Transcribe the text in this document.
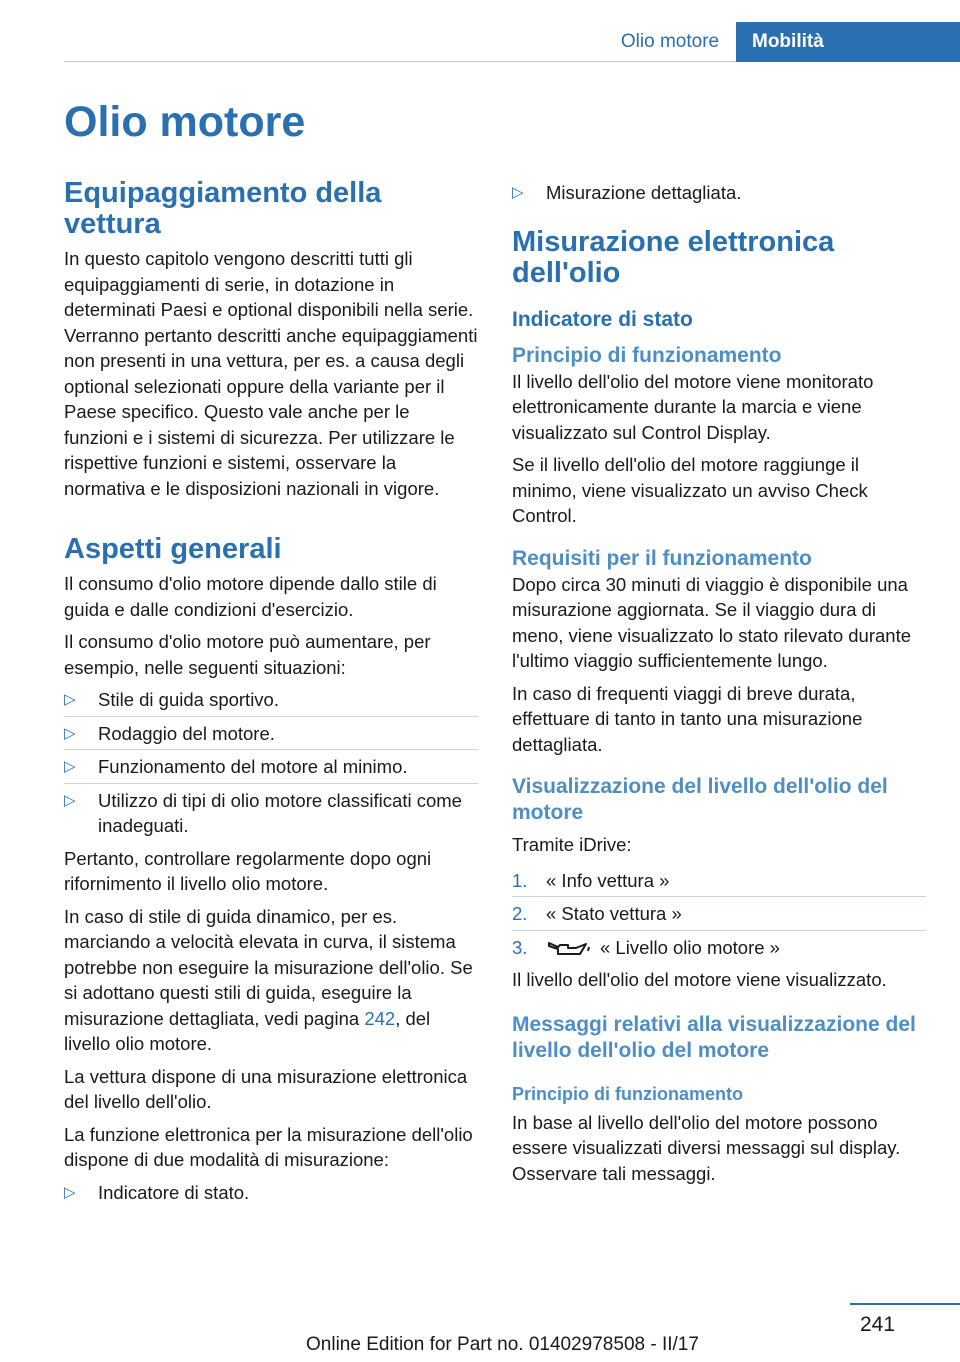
Olio motore	Mobilità
Olio motore
Equipaggiamento della vettura

In questo capitolo vengono descritti tutti gli equipaggiamenti di serie, in dotazione in determinati Paesi e optional disponibili nella serie. Verranno pertanto descritti anche equipaggiamenti non presenti in una vettura, per es. a causa degli optional selezionati oppure della variante per il Paese specifico. Questo vale anche per le funzioni e i sistemi di sicurezza. Per utilizzare le rispettive funzioni e sistemi, osservare la normativa e le disposizioni nazionali in vigore.

Aspetti generali

Il consumo d'olio motore dipende dallo stile di guida e dalle condizioni d'esercizio.

Il consumo d'olio motore può aumentare, per esempio, nelle seguenti situazioni:

▷ Stile di guida sportivo.
▷ Rodaggio del motore.
▷ Funzionamento del motore al minimo.
▷ Utilizzo di tipi di olio motore classificati come inadeguati.

Pertanto, controllare regolarmente dopo ogni rifornimento il livello olio motore.

In caso di stile di guida dinamico, per es. marciando a velocità elevata in curva, il sistema potrebbe non eseguire la misurazione dell'olio. Se si adottano questi stili di guida, eseguire la misurazione dettagliata, vedi pagina 242, del livello olio motore.

La vettura dispone di una misurazione elettronica del livello dell'olio.

La funzione elettronica per la misurazione dell'olio dispone di due modalità di misurazione:

▷ Indicatore di stato.
▷ Misurazione dettagliata.
Misurazione elettronica dell'olio
Indicatore di stato
Principio di funzionamento

Il livello dell'olio del motore viene monitorato elettronicamente durante la marcia e viene visualizzato sul Control Display.

Se il livello dell'olio del motore raggiunge il minimo, viene visualizzato un avviso Check Control.

Requisiti per il funzionamento

Dopo circa 30 minuti di viaggio è disponibile una misurazione aggiornata. Se il viaggio dura di meno, viene visualizzato lo stato rilevato durante l'ultimo viaggio sufficientemente lungo.

In caso di frequenti viaggi di breve durata, effettuare di tanto in tanto una misurazione dettagliata.

Visualizzazione del livello dell'olio del motore

Tramite iDrive:

1. « Info vettura »
2. « Stato vettura »
3.	« Livello olio motore »

Il livello dell'olio del motore viene visualizzato.

Messaggi relativi alla visualizzazione del livello dell'olio del motore
Principio di funzionamento

In base al livello dell'olio del motore possono essere visualizzati diversi messaggi sul display. Osservare tali messaggi.

241
Online Edition for Part no. 01402978508 - II/17
